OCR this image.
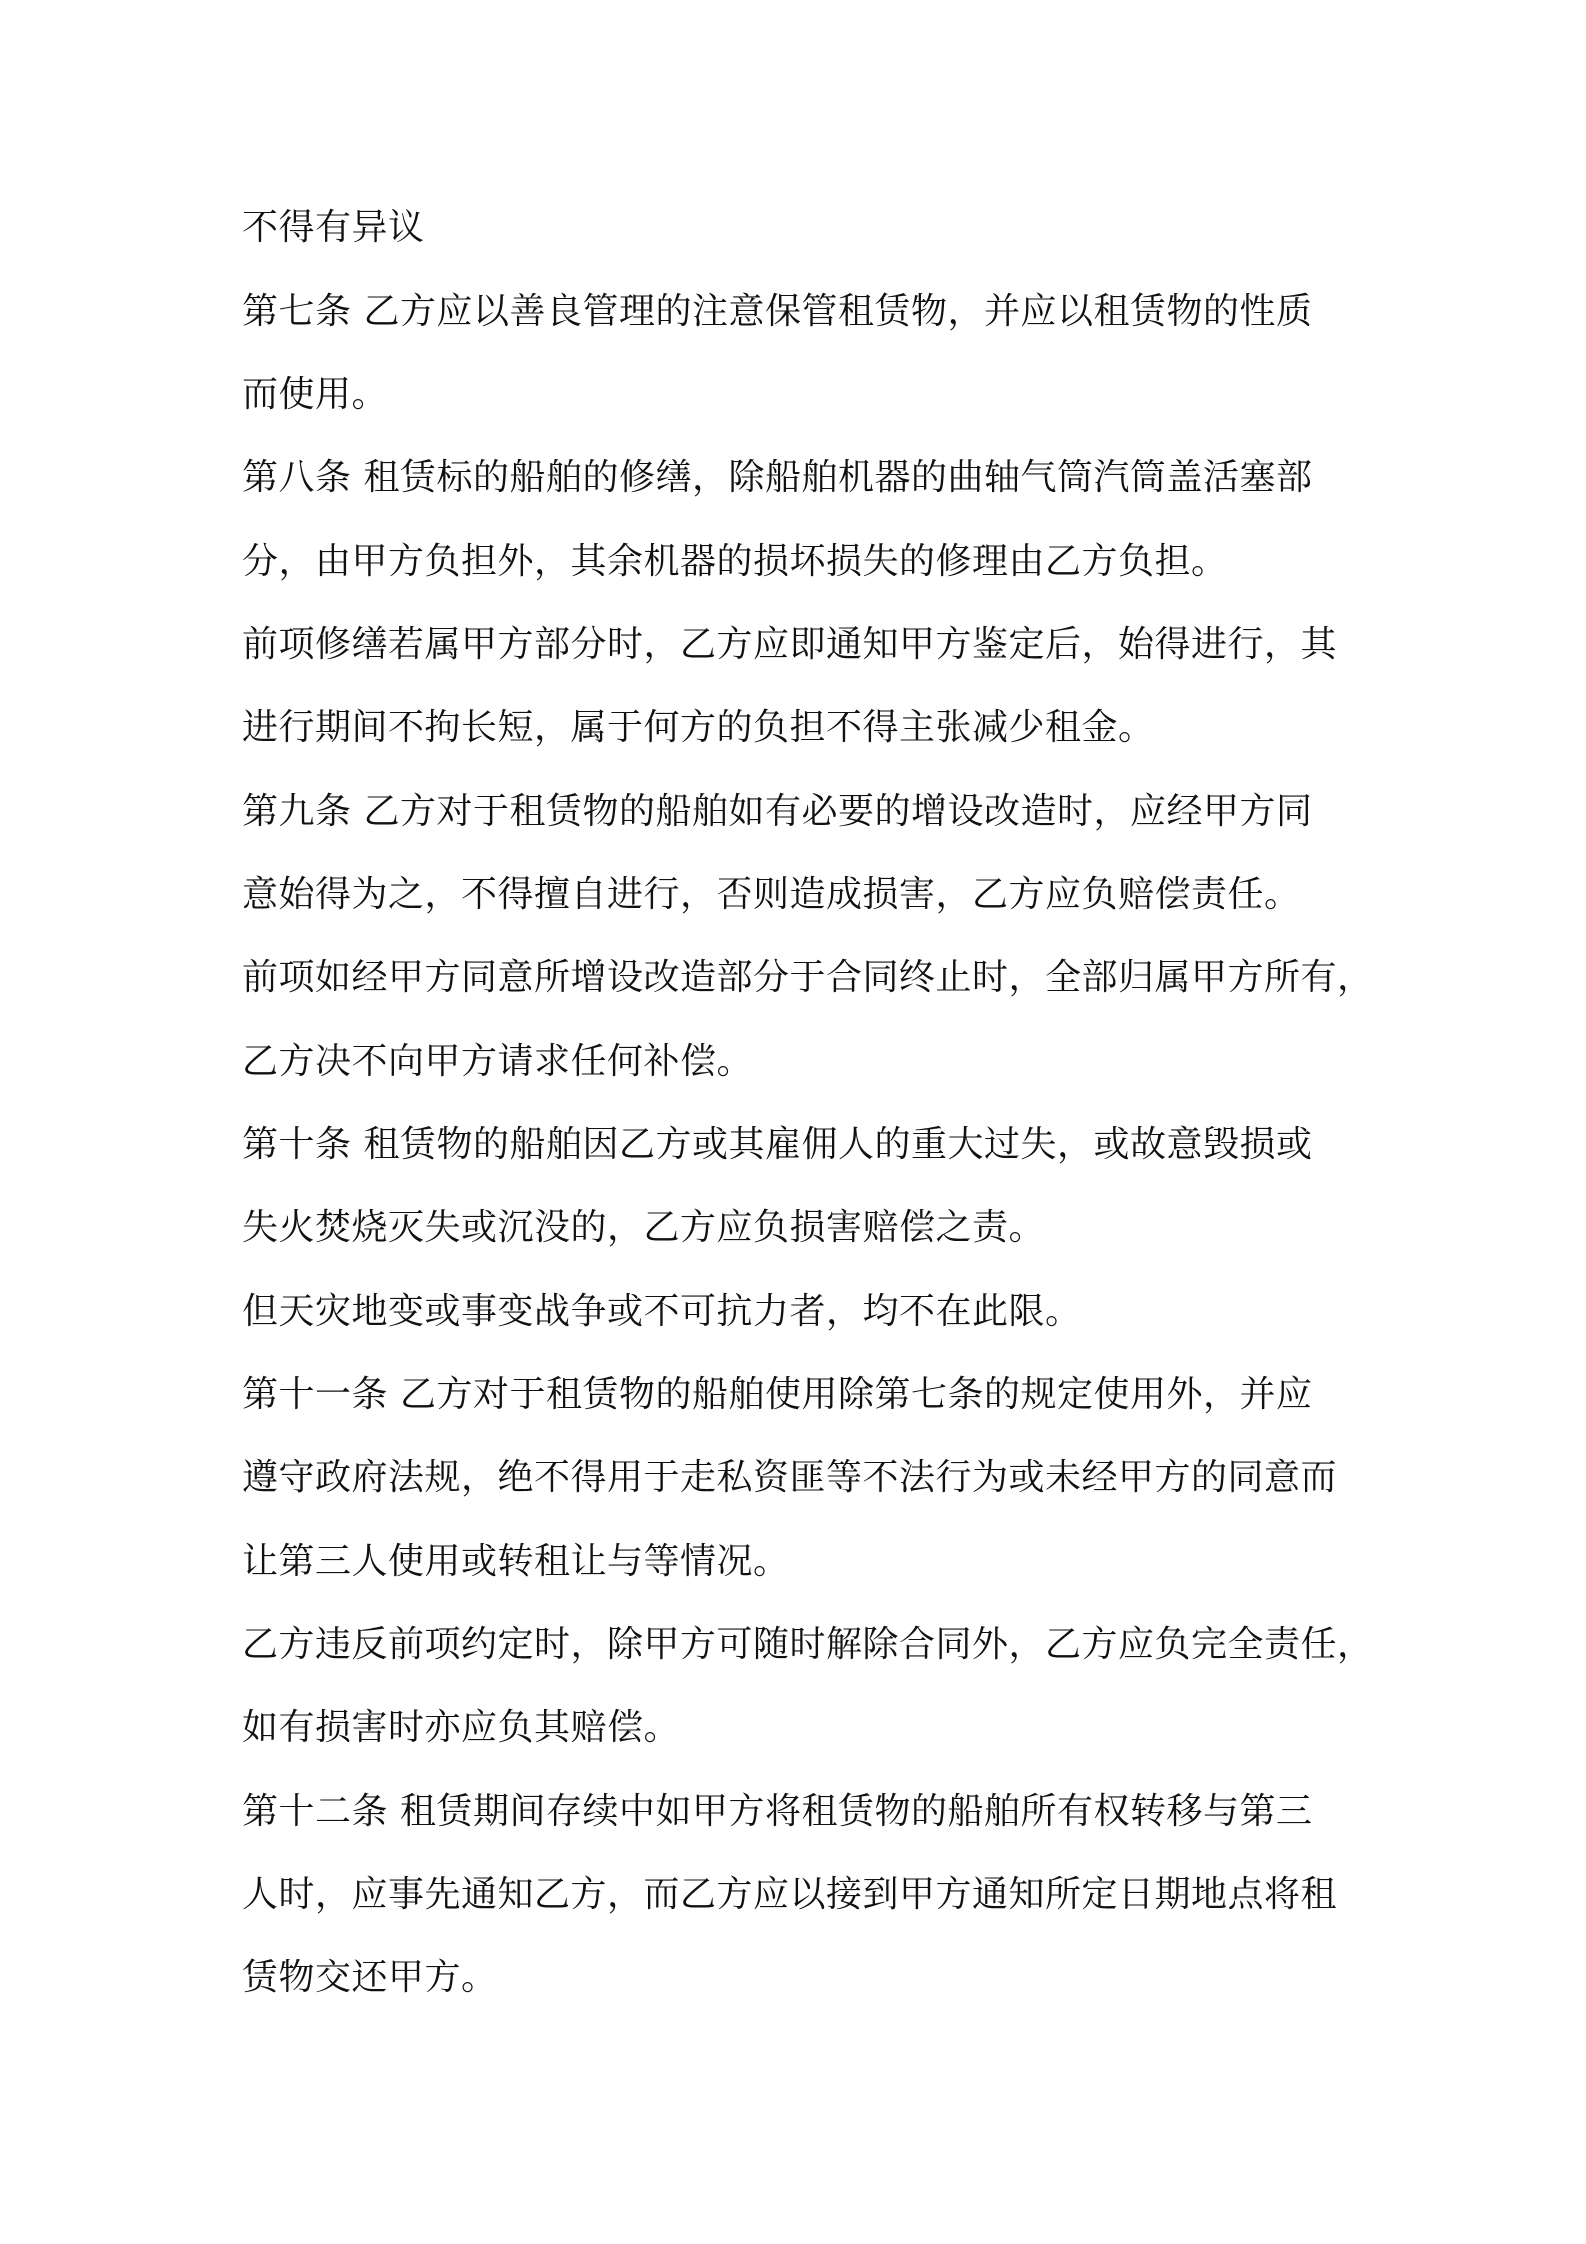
不得有异议
第七条 乙方应以善良管理的注意保管租赁物，并应以租赁物的性质
而使用。
第八条 租赁标的船舶的修缮，除船舶机器的曲轴气筒汽筒盖活塞部
分，由甲方负担外，其余机器的损坏损失的修理由乙方负担。
前项修缮若属甲方部分时，乙方应即通知甲方鉴定后，始得进行，其
进行期间不拘长短，属于何方的负担不得主张减少租金。
第九条 乙方对于租赁物的船舶如有必要的增设改造时，应经甲方同
意始得为之，不得擅自进行，否则造成损害，乙方应负赔偿责任。
前项如经甲方同意所增设改造部分于合同终止时，全部归属甲方所有，
乙方决不向甲方请求任何补偿。
第十条 租赁物的船舶因乙方或其雇佣人的重大过失，或故意毁损或
失火焚烧灭失或沉没的，乙方应负损害赔偿之责。
但天灾地变或事变战争或不可抗力者，均不在此限。
第十一条 乙方对于租赁物的船舶使用除第七条的规定使用外，并应
遵守政府法规，绝不得用于走私资匪等不法行为或未经甲方的同意而
让第三人使用或转租让与等情况。
乙方违反前项约定时，除甲方可随时解除合同外，乙方应负完全责任，
如有损害时亦应负其赔偿。
第十二条 租赁期间存续中如甲方将租赁物的船舶所有权转移与第三
人时，应事先通知乙方，而乙方应以接到甲方通知所定日期地点将租
赁物交还甲方。
